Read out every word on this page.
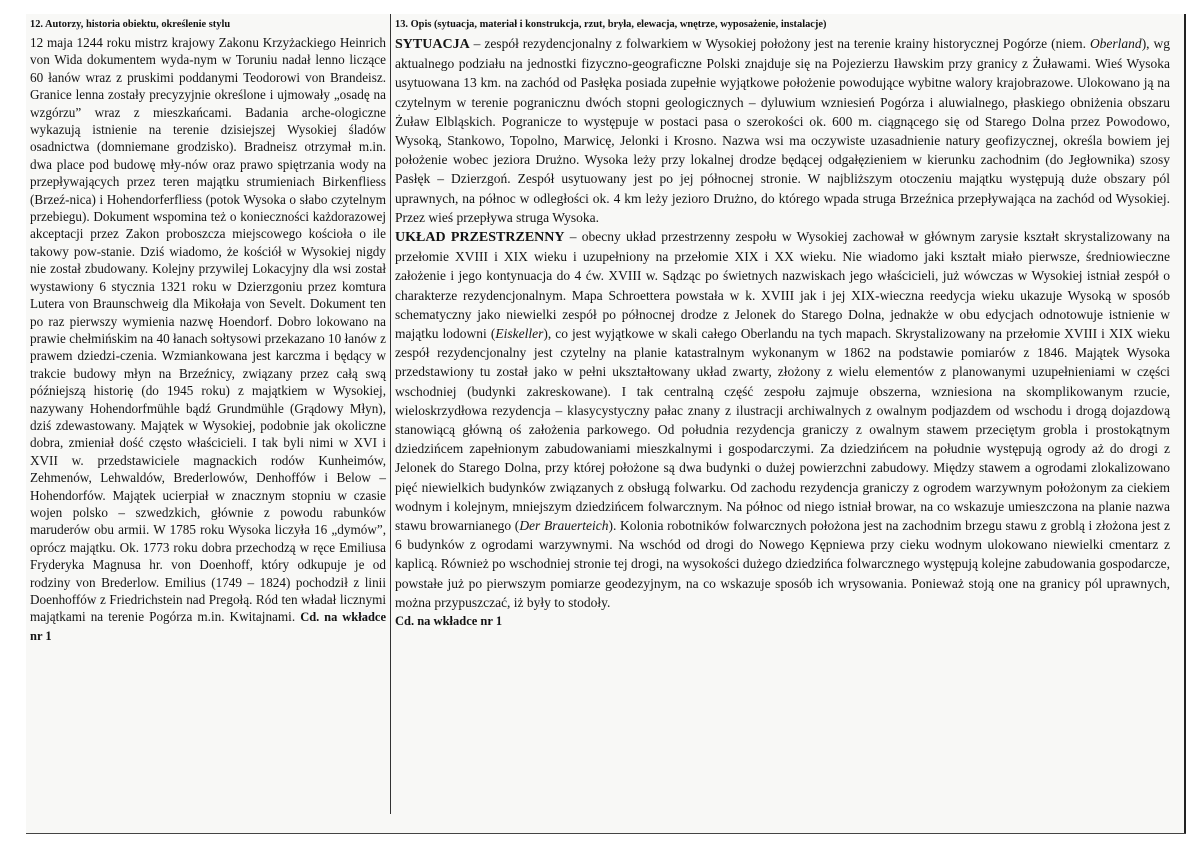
12. Autorzy, historia obiektu, określenie stylu

12 maja 1244 roku mistrz krajowy Zakonu Krzyżackiego Heinrich von Wida dokumentem wyda-nym w Toruniu nadał lenno liczące 60 łanów wraz z pruskimi poddanymi Teodorowi von Brandeisz. Granice lenna zostały precyzyjnie określone i ujmowały „osadę na wzgórzu” wraz z mieszkańcami. Badania arche-ologiczne wykazują istnienie na terenie dzisiejszej Wysokiej śladów osadnictwa (domniemane grodzisko). Bradneisz otrzymał m.in. dwa place pod budowę mły-nów oraz prawo spiętrzania wody na przepływających przez teren majątku strumieniach Birkenfliess (Brzeź-nica) i Hohendorferfliess (potok Wysoka o słabo czytelnym przebiegu). Dokument wspomina też o konieczności każdorazowej akceptacji przez Zakon proboszcza miejscowego kościoła o ile takowy pow-stanie. Dziś wiadomo, że kościół w Wysokiej nigdy nie został zbudowany. Kolejny przywilej Lokacyjny dla wsi został wystawiony 6 stycznia 1321 roku w Dzierzgoniu przez komtura Lutera von Braunschweig dla Mikołaja von Sevelt. Dokument ten po raz pierwszy wymienia nazwę Hoendorf. Dobro lokowano na prawie chełmińskim na 40 łanach sołtysowi przekazano 10 łanów z prawem dziedzi-czenia. Wzmiankowana jest karczma i będący w trakcie budowy młyn na Brzeźnicy, związany przez całą swą późniejszą historię (do 1945 roku) z majątkiem w Wysokiej, nazywany Hohendorfmühle bądź Grundmühle (Grądowy Młyn), dziś zdewastowany. Majątek w Wysokiej, podobnie jak okoliczne dobra, zmieniał dość często właścicieli. I tak byli nimi w XVI i XVII w. przedstawiciele magnackich rodów Kunheimów, Zehmenów, Lehwaldów, Brederlowów, Denhoffów i Below – Hohendorfów. Majątek ucierpiał w znacznym stopniu w czasie wojen polsko – szwedzkich, głównie z powodu rabunków maruderów obu armii. W 1785 roku Wysoka liczyła 16 „dymów”, oprócz majątku. Ok. 1773 roku dobra przechodzą w ręce Emiliusa Fryderyka Magnusa hr. von Doenhoff, który odkupuje je od rodziny von Brederlow. Emilius (1749 – 1824) pochodził z linii Doenhoffów z Friedrichstein nad Pregołą. Ród ten władał licznymi majątkami na terenie Pogórza m.in. Kwitajnami. Cd. na wkładce nr 1

13. Opis (sytuacja, materiał i konstrukcja, rzut, bryła, elewacja, wnętrze, wyposażenie, instalacje)

SYTUACJA – zespół rezydencjonalny z folwarkiem w Wysokiej położony jest na terenie krainy historycznej Pogórze (niem. Oberland), wg aktualnego podziału na jednostki fizyczno-geograficzne Polski znajduje się na Pojezierzu Iławskim przy granicy z Żuławami. Wieś Wysoka usytuowana 13 km. na zachód od Pasłęka posiada zupełnie wyjątkowe położenie powodujące wybitne walory krajobrazowe. Ulokowano ją na czytelnym w terenie pogranicznu dwóch stopni geologicznych – dyluwium wzniesień Pogórza i aluwialnego, płaskiego obniżenia obszaru Żuław Elbląskich. Pogranicze to występuje w postaci pasa o szerokości ok. 600 m. ciągnącego się od Starego Dolna przez Powodowo, Wysoką, Stankowo, Topolno, Marwicę, Jelonki i Krosno. Nazwa wsi ma oczywiste uzasadnienie natury geofizycznej, określa bowiem jej położenie wobec jeziora Drużno. Wysoka leży przy lokalnej drodze będącej odgałęzieniem w kierunku zachodnim (do Jegłownika) szosy Pasłęk – Dzierzgoń. Zespół usytuowany jest po jej północnej stronie. W najbliższym otoczeniu majątku występują duże obszary pól uprawnych, na północ w odległości ok. 4 km leży jezioro Drużno, do którego wpada struga Brzeźnica przepływająca na zachód od Wysokiej. Przez wieś przepływa struga Wysoka.

UKŁAD PRZESTRZENNY – obecny układ przestrzenny zespołu w Wysokiej zachował w głównym zarysie kształt skrystalizowany na przełomie XVIII i XIX wieku i uzupełniony na przełomie XIX i XX wieku. Nie wiadomo jaki kształt miało pierwsze, średniowieczne założenie i jego kontynuacja do 4 ćw. XVIII w. Sądząc po świetnych nazwiskach jego właścicieli, już wówczas w Wysokiej istniał zespół o charakterze rezydencjonalnym. Mapa Schroettera powstała w k. XVIII jak i jej XIX-wieczna reedycja wieku ukazuje Wysoką w sposób schematyczny jako niewielki zespół po północnej drodze z Jelonek do Starego Dolna, jednakże w obu edycjach odnotowuje istnienie w majątku lodowni (Eiskeller), co jest wyjątkowe w skali całego Oberlandu na tych mapach. Skrystalizowany na przełomie XVIII i XIX wieku zespół rezydencjonalny jest czytelny na planie katastralnym wykonanym w 1862 na podstawie pomiarów z 1846. Majątek Wysoka przedstawiony tu został jako w pełni ukształtowany układ zwarty, złożony z wielu elementów z planowanymi uzupełnieniami w części wschodniej (budynki zakreskowane). I tak centralną część zespołu zajmuje obszerna, wzniesiona na skomplikowanym rzucie, wieloskrzydłowa rezydencja – klasycystyczny pałac znany z ilustracji archiwalnych z owalnym podjazdem od wschodu i drogą dojazdową stanowiącą główną oś założenia parkowego. Od południa rezydencja graniczy z owalnym stawem przeciętym grobla i prostokątnym dziedzińcem zapełnionym zabudowaniami mieszkalnymi i gospodarczymi. Za dziedzińcem na południe występują ogrody aż do drogi z Jelonek do Starego Dolna, przy której położone są dwa budynki o dużej powierzchni zabudowy. Między stawem a ogrodami zlokalizowano pięć niewielkich budynków związanych z obsługą folwarku. Od zachodu rezydencja graniczy z ogrodem warzywnym położonym za ciekiem wodnym i kolejnym, mniejszym dziedzińcem folwarcznym. Na północ od niego istniał browar, na co wskazuje umieszczona na planie nazwa stawu browarnianego (Der Brauerteich). Kolonia robotników folwarcznych położona jest na zachodnim brzegu stawu z groblą i złożona jest z 6 budynków z ogrodami warzywnymi. Na wschód od drogi do Nowego Kępniewa przy cieku wodnym ulokowano niewielki cmentarz z kaplicą. Również po wschodniej stronie tej drogi, na wysokości dużego dziedzińca folwarcznego występują kolejne zabudowania gospodarcze, powstałe już po pierwszym pomiarze geodezyjnym, na co wskazuje sposób ich wrysowania. Ponieważ stoją one na granicy pól uprawnych, można przypuszczać, iż były to stodoły.

Cd. na wkładce nr 1
